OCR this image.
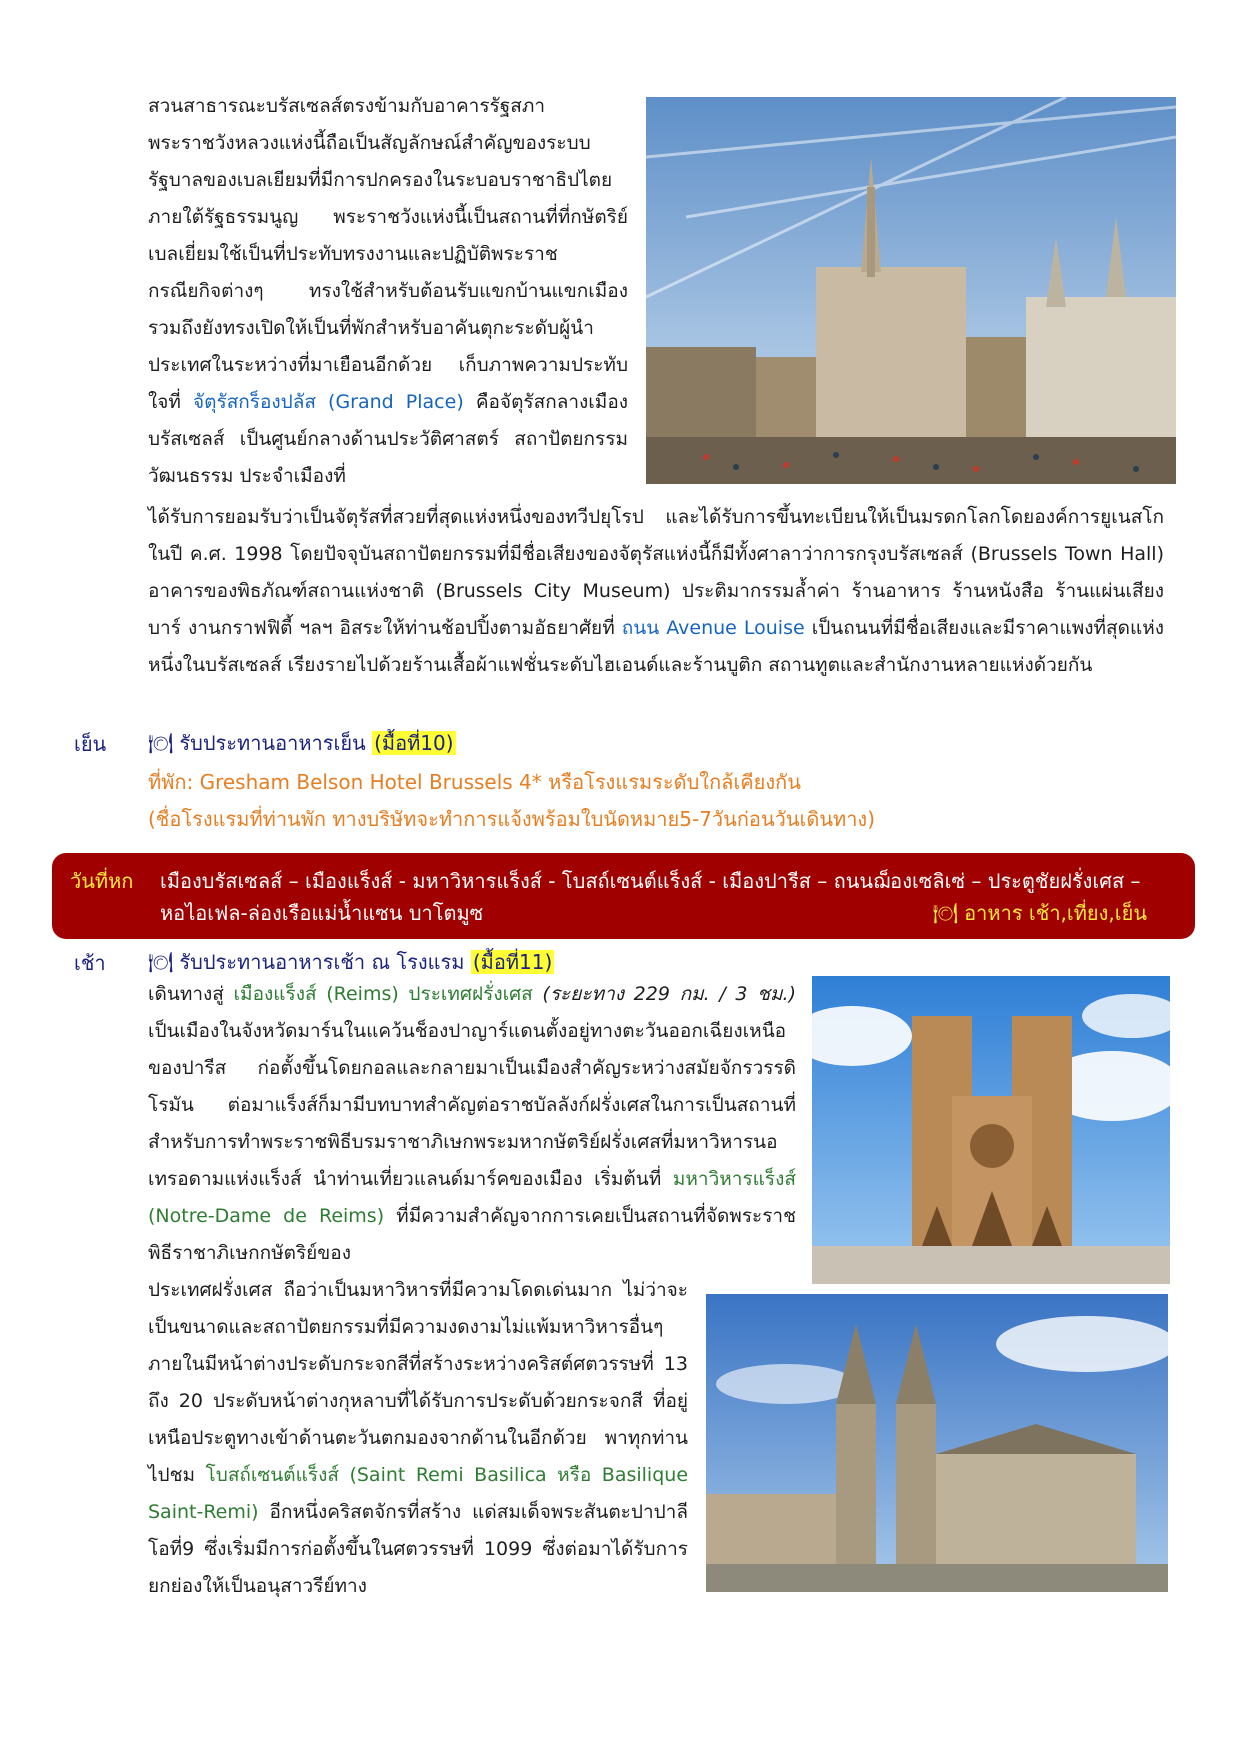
สวนสาธารณะบรัสเซลส์ตรงข้ามกับอาคารรัฐสภา พระราชวังหลวงแห่งนี้ถือเป็นสัญลักษณ์สำคัญของระบบรัฐบาลของเบลเยียมที่มีการปกครองในระบอบราชาธิปไตยภายใต้รัฐธรรมนูญ พระราชวังแห่งนี้เป็นสถานที่ที่กษัตริย์เบลเยี่ยมใช้เป็นที่ประทับทรงงานและปฏิบัติพระราชกรณียกิจต่างๆ ทรงใช้สำหรับต้อนรับแขกบ้านแขกเมือง รวมถึงยังทรงเปิดให้เป็นที่พักสำหรับอาคันตุกะระดับผู้นำประเทศในระหว่างที่มาเยือนอีกด้วย เก็บภาพความประทับใจที่ จัตุรัสกร็องปลัส (Grand Place) คือจัตุรัสกลางเมืองบรัสเซลส์ เป็นศูนย์กลางด้านประวัติศาสตร์ สถาปัตยกรรม วัฒนธรรม ประจำเมืองที่
ได้รับการยอมรับว่าเป็นจัตุรัสที่สวยที่สุดแห่งหนึ่งของทวีปยุโรป และได้รับการขึ้นทะเบียนให้เป็นมรดกโลกโดยองค์การยูเนสโกในปี ค.ศ. 1998 โดยปัจจุบันสถาปัตยกรรมที่มีชื่อเสียงของจัตุรัสแห่งนี้ก็มีทั้งศาลาว่าการกรุงบรัสเซลส์ (Brussels Town Hall) อาคารของพิธภัณฑ์สถานแห่งชาติ (Brussels City Museum) ประติมากรรมล้ำค่า ร้านอาหาร ร้านหนังสือ ร้านแผ่นเสียง บาร์ งานกราฟฟิตี้ ฯลฯ อิสระให้ท่านช้อปปิ้งตามอัธยาศัยที่ ถนน Avenue Louise เป็นถนนที่มีชื่อเสียงและมีราคาแพงที่สุดแห่งหนึ่งในบรัสเซลส์ เรียงรายไปด้วยร้านเสื้อผ้าแฟชั่นระดับไฮเอนด์และร้านบูติก สถานทูตและสำนักงานหลายแห่งด้วยกัน
เย็น 🍽 รับประทานอาหารเย็น (มื้อที่10)
ที่พัก: Gresham Belson Hotel Brussels 4* หรือโรงแรมระดับใกล้เคียงกัน
(ชื่อโรงแรมที่ท่านพัก ทางบริษัทจะทำการแจ้งพร้อมใบนัดหมาย5-7วันก่อนวันเดินทาง)
วันที่หก เมืองบรัสเซลส์ – เมืองแร็งส์ - มหาวิหารแร็งส์ - โบสถ์เซนต์แร็งส์ - เมืองปารีส – ถนนฌ็องเซลิเซ่ – ประตูชัยฝรั่งเศส – หอไอเฟล-ล่องเรือแม่น้ำแซน บาโตมูซ	🍽 อาหาร เช้า,เที่ยง,เย็น
เช้า 🍽 รับประทานอาหารเช้า ณ โรงแรม (มื้อที่11)
เดินทางสู่ เมืองแร็งส์ (Reims) ประเทศฝรั่งเศส (ระยะทาง 229 กม. / 3 ชม.) เป็นเมืองในจังหวัดมาร์นในแคว้นช็องปาญาร์แดนตั้งอยู่ทางตะวันออกเฉียงเหนือของปารีส ก่อตั้งขึ้นโดยกอลและกลายมาเป็นเมืองสำคัญระหว่างสมัยจักรวรรดิโรมัน ต่อมาแร็งส์ก็มามีบทบาทสำคัญต่อราชบัลลังก์ฝรั่งเศสในการเป็นสถานที่สำหรับการทำพระราชพิธีบรมราชาภิเษกพระมหากษัตริย์ฝรั่งเศสที่มหาวิหารนอเทรอดามแห่งแร็งส์ นำท่านเที่ยวแลนด์มาร์คของเมือง เริ่มต้นที่ มหาวิหารแร็งส์ (Notre-Dame de Reims) ที่มีความสำคัญจากการเคยเป็นสถานที่จัดพระราชพิธีราชาภิเษกกษัตริย์ของ
ประเทศฝรั่งเศส ถือว่าเป็นมหาวิหารที่มีความโดดเด่นมาก ไม่ว่าจะเป็นขนาดและสถาปัตยกรรมที่มีความงดงามไม่แพ้มหาวิหารอื่นๆ ภายในมีหน้าต่างประดับกระจกสีที่สร้างระหว่างคริสต์ศตวรรษที่ 13 ถึง 20 ประดับหน้าต่างกุหลาบที่ได้รับการประดับด้วยกระจกสี ที่อยู่เหนือประตูทางเข้าด้านตะวันตกมองจากด้านในอีกด้วย พาทุกท่านไปชม โบสถ์เซนต์แร็งส์ (Saint Remi Basilica หรือ Basilique Saint-Remi) อีกหนึ่งคริสตจักรที่สร้าง แด่สมเด็จพระสันตะปาปาลีโอที่9 ซึ่งเริ่มมีการก่อตั้งขึ้นในศตวรรษที่ 1099 ซึ่งต่อมาได้รับการยกย่องให้เป็นอนุสาวรีย์ทาง
